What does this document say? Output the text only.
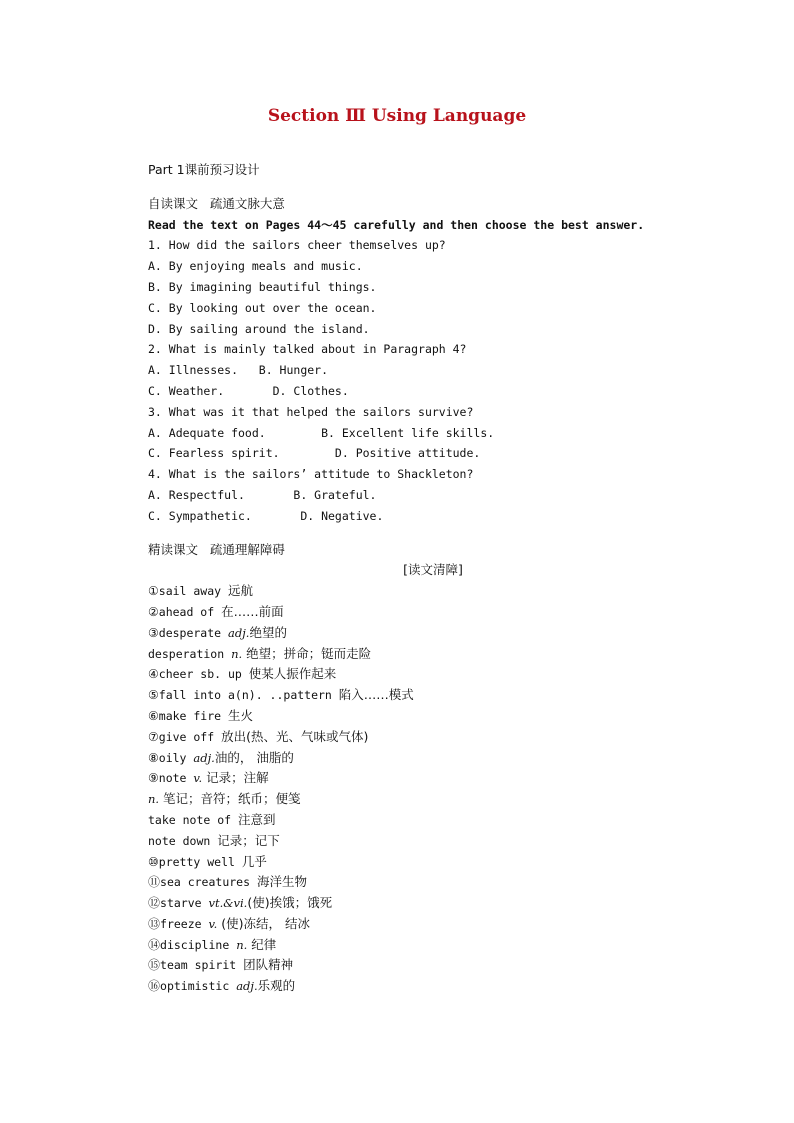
Section Ⅲ Using Language
Part 1课前预习设计
自读课文   疏通文脉大意
Read the text on Pages 44～45 carefully and then choose the best answer.
1. How did the sailors cheer themselves up?
A. By enjoying meals and music.
B. By imagining beautiful things.
C. By looking out over the ocean.
D. By sailing around the island.
2. What is mainly talked about in Paragraph 4?
A. Illnesses.   B. Hunger.
C. Weather.       D. Clothes.
3. What was it that helped the sailors survive?
A. Adequate food.        B. Excellent life skills.
C. Fearless spirit.        D. Positive attitude.
4. What is the sailors’ attitude to Shackleton?
A. Respectful.       B. Grateful.
C. Sympathetic.       D. Negative.
精读课文   疏通理解障碍
[读文清障]
①sail away 远航
②ahead of 在……前面
③desperate adj.绝望的
desperation n. 绝望；拼命；铤而走险
④cheer sb. up 使某人振作起来
⑤fall into a(n). ..pattern 陷入……模式
⑥make fire 生火
⑦give off 放出(热、光、气味或气体)
⑧oily adj.油的， 油脂的
⑨note v. 记录；注解
n. 笔记；音符；纸币；便笺
take note of 注意到
note down 记录；记下
⑩pretty well 几乎
⑪sea creatures 海洋生物
⑫starve vt.&vi.(使)挨饿；饿死
⑬freeze v. (使)冻结， 结冰
⑭discipline n. 纪律
⑮team spirit 团队精神
⑯optimistic adj.乐观的
